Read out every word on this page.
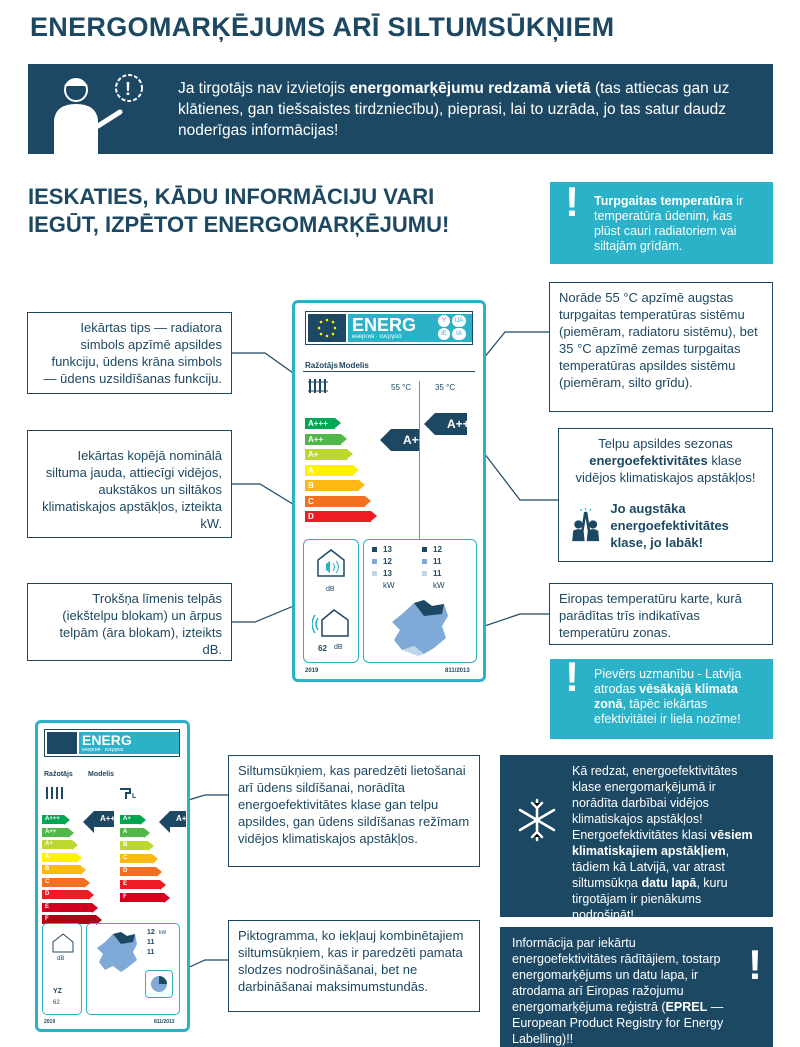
ENERGOMARĶĒJUMS ARĪ SILTUMSŪKŅIEM
!	Ja tirgotājs nav izvietojis energomarķējumu redzamā vietā (tas attiecas gan uz klātienes, gan tiešsaistes tirdzniecību), pieprasi, lai to uzrāda, jo tas satur daudz noderīgas informācijas!
IESKATIES, KĀDU INFORMĀCIJU VARI IEGŪT, IZPĒTOT ENERGOMARĶĒJUMU!	! Turpgaitas temperatūra ir temperatūra ūdenim, kas plūst cauri radiatoriem vai siltajām grīdām.
Iekārtas tips — radiatora simbols apzīmē apsildes funkciju, ūdens krāna simbols — ūdens uzsildīšanas funkciju.
Norāde 55 °C apzīmē augstas turpgaitas temperatūras sistēmu (piemēram, radiatoru sistēmu), bet 35 °C apzīmē zemas turpgaitas temperatūras apsildes sistēmu (piemēram, silto grīdu).
Iekārtas kopējā nominālā siltuma jauda, attiecīgi vidējos, aukstākos un siltākos klimatiskajos apstākļos, izteikta kW.
Telpu apsildes sezonas energoefektivitātes klase vidējos klimatiskajos apstākļos!
Jo augstāka energoefektivitātes klase, jo labāk!
Trokšņa līmenis telpās (iekštelpu blokam) un ārpus telpām (āra blokam), izteikts dB.
Eiropas temperatūru karte, kurā parādītas trīs indikatīvas temperatūru zonas.
! Pievērs uzmanību - Latvija atrodas vēsākajā klimata zonā, tāpēc iekārtas efektivitātei ir liela nozīme!
ENERG
енергия · ενεργεια
Y	IJA
IE	IA
Ražotājs Modelis
55 °C	35 °C
A+++
A++
A+
A
B
C
D
A++
A+++
dB
62 dB
13
12
13
kW
12
11
11
kW
2019	811/2013
ENERG
енергия · ενεργεια
Ražotājs Modelis
L
A+++
A++
A+
A
B
C
D
E
F
A+
A
B
C
D
E
F
A+++	A+
dB
YZ
62
12
11
11
kW
2019	811/2013
Siltumsūkņiem, kas paredzēti lietošanai arī ūdens sildīšanai, norādīta energoefektivitātes klase gan telpu apsildes, gan ūdens sildīšanas režīmam vidējos klimatiskajos apstākļos.
Kā redzat, energoefektivitātes klase energomarķējumā ir norādīta darbībai vidējos klimatiskajos apstākļos! Energoefektivitātes klasi vēsiem klimatiskajiem apstākļiem, tādiem kā Latvijā, var atrast siltumsūkņa datu lapā, kuru tirgotājam ir pienākums nodrošināt!
Piktogramma, ko iekļauj kombinētajiem siltumsūkņiem, kas ir paredzēti pamata slodzes nodrošināšanai, bet ne darbināšanai maksimumstundās.	!
Informācija par iekārtu energoefektivitātes rādītājiem, tostarp energomarķējums un datu lapa, ir atrodama arī Eiropas ražojumu energomarķējuma reģistrā (EPREL — European Product Registry for Energy Labelling)!!
